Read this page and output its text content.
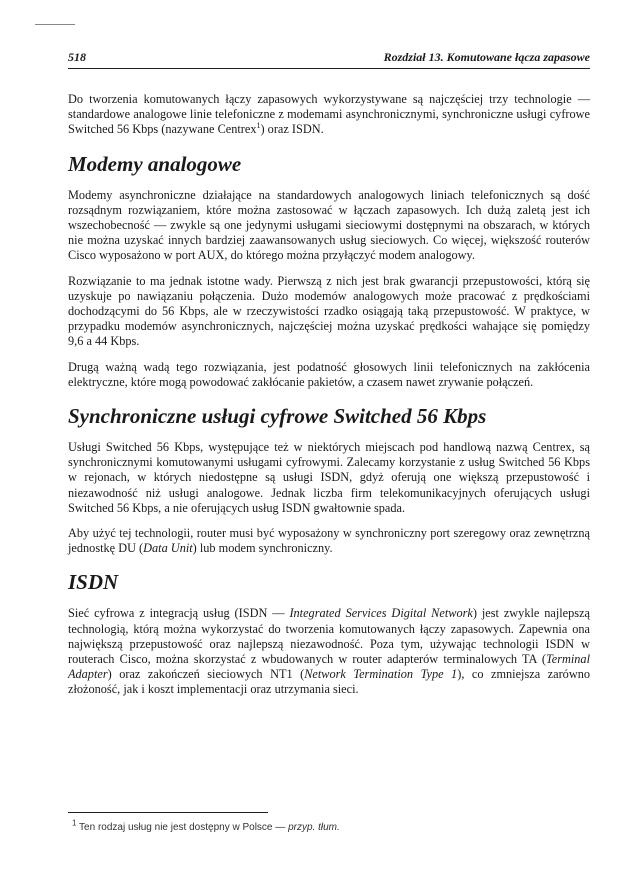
518	Rozdział 13. Komutowane łącza zapasowe

Do tworzenia komutowanych łączy zapasowych wykorzystywane są najczęściej trzy technologie — standardowe analogowe linie telefoniczne z modemami asynchronicznymi, synchroniczne usługi cyfrowe Switched 56 Kbps (nazywane Centrex$^1$) oraz ISDN.

Modemy analogowe

Modemy asynchroniczne działające na standardowych analogowych liniach telefonicznych są dość rozsądnym rozwiązaniem, które można zastosować w łączach zapasowych. Ich dużą zaletą jest ich wszechobecność — zwykle są one jedynymi usługami sieciowymi dostępnymi na obszarach, w których nie można uzyskać innych bardziej zaawansowanych usług sieciowych. Co więcej, większość routerów Cisco wyposażono w port AUX, do którego można przyłączyć modem analogowy.

Rozwiązanie to ma jednak istotne wady. Pierwszą z nich jest brak gwarancji przepustowości, którą się uzyskuje po nawiązaniu połączenia. Dużo modemów analogowych może pracować z prędkościami dochodzącymi do 56 Kbps, ale w rzeczywistości rzadko osiągają taką przepustowość. W praktyce, w przypadku modemów asynchronicznych, najczęściej można uzyskać prędkości wahające się pomiędzy 9,6 a 44 Kbps.

Drugą ważną wadą tego rozwiązania, jest podatność głosowych linii telefonicznych na zakłócenia elektryczne, które mogą powodować zakłócanie pakietów, a czasem nawet zrywanie połączeń.

Synchroniczne usługi cyfrowe Switched 56 Kbps

Usługi Switched 56 Kbps, występujące też w niektórych miejscach pod handlową nazwą Centrex, są synchronicznymi komutowanymi usługami cyfrowymi. Zalecamy korzystanie z usług Switched 56 Kbps w rejonach, w których niedostępne są usługi ISDN, gdyż oferują one większą przepustowość i niezawodność niż usługi analogowe. Jednak liczba firm telekomunikacyjnych oferujących usługi Switched 56 Kbps, a nie oferujących usług ISDN gwałtownie spada.

Aby użyć tej technologii, router musi być wyposażony w synchroniczny port szeregowy oraz zewnętrzną jednostkę DU (Data Unit) lub modem synchroniczny.

ISDN

Sieć cyfrowa z integracją usług (ISDN — Integrated Services Digital Network) jest zwykle najlepszą technologią, którą można wykorzystać do tworzenia komutowanych łączy zapasowych. Zapewnia ona największą przepustowość oraz najlepszą niezawodność. Poza tym, używając technologii ISDN w routerach Cisco, można skorzystać z wbudowanych w router adapterów terminalowych TA (Terminal Adapter) oraz zakończeń sieciowych NT1 (Network Termination Type 1), co zmniejsza zarówno złożoność, jak i koszt implementacji oraz utrzymania sieci.

$^1$ Ten rodzaj usług nie jest dostępny w Polsce — przyp. tłum.
